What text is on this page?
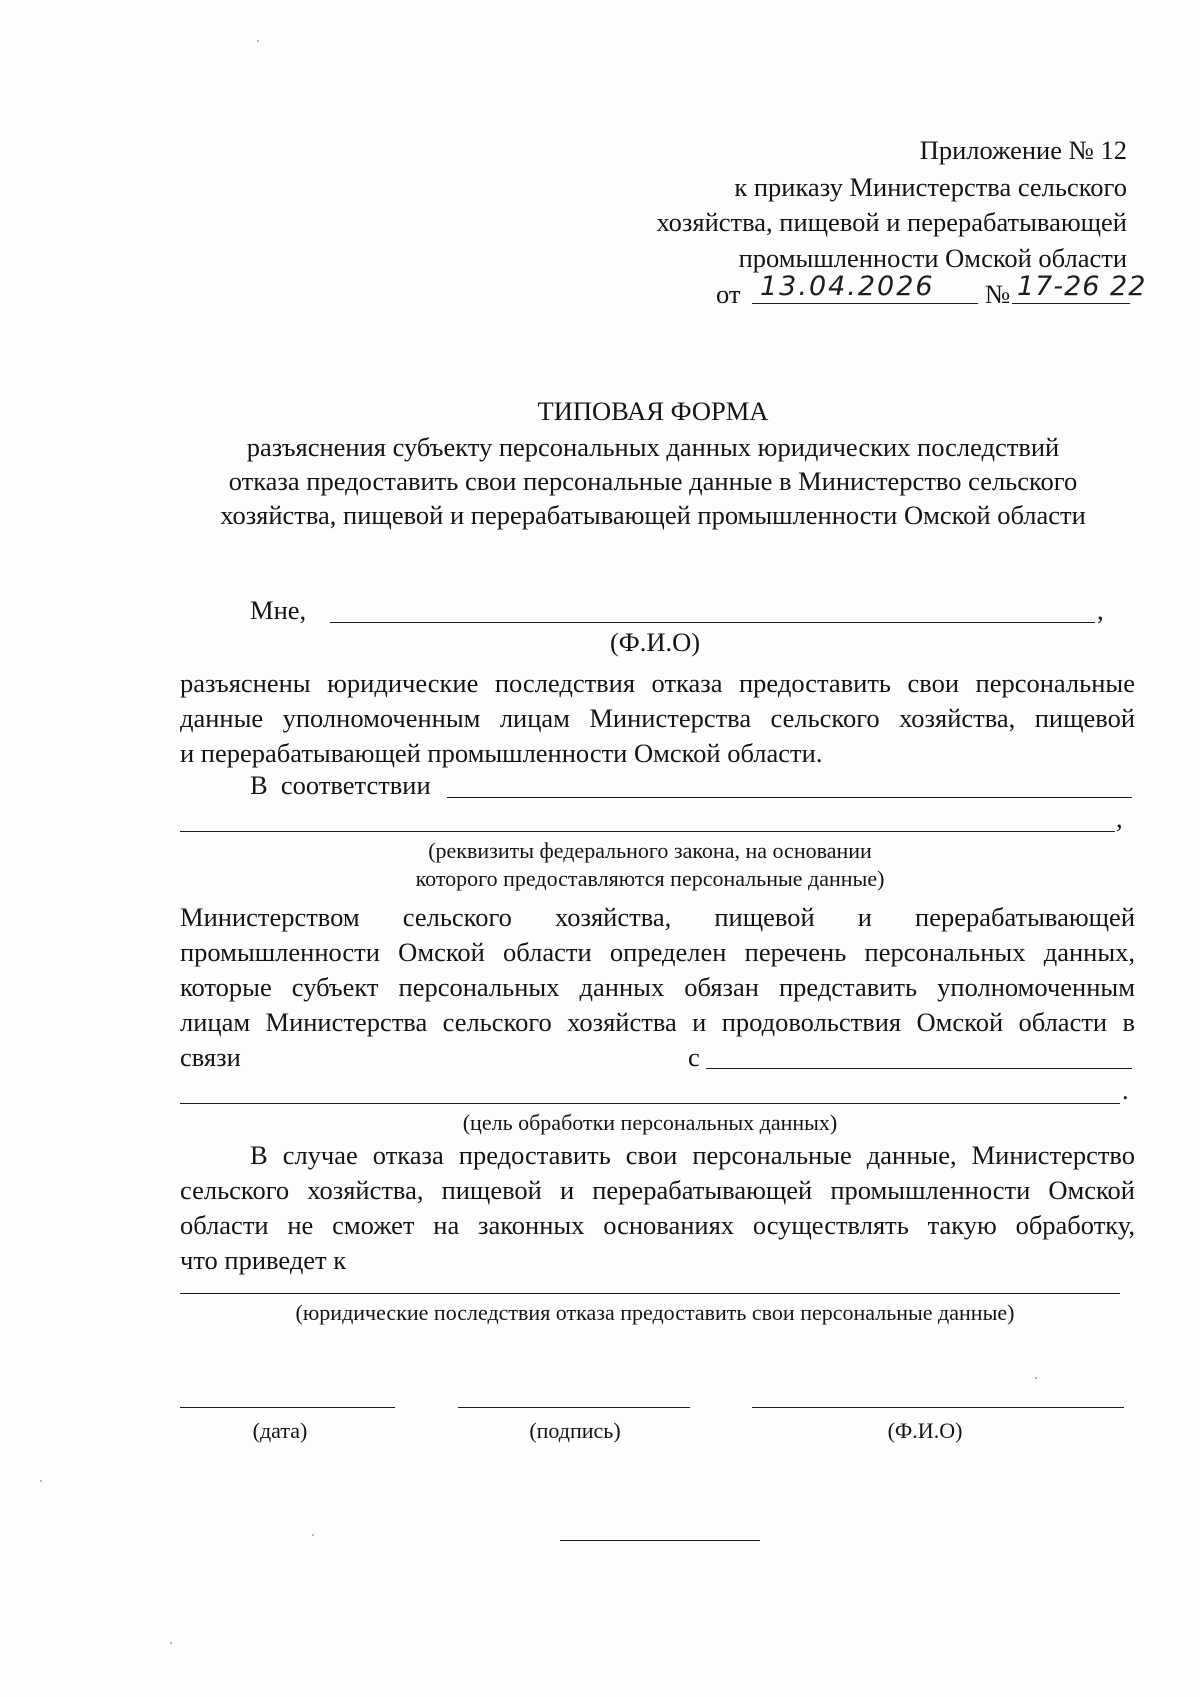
Приложение № 12
к приказу Министерства сельского
хозяйства, пищевой и перерабатывающей
промышленности Омской области
от 13.04.2026 № 17-26 22
ТИПОВАЯ ФОРМА
разъяснения субъекту персональных данных юридических последствий
отказа предоставить свои персональные данные в Министерство сельского
хозяйства, пищевой и перерабатывающей промышленности Омской области
Мне,	,
(Ф.И.О)
разъяснены юридические последствия отказа предоставить свои персональные
данные уполномоченным лицам Министерства сельского хозяйства, пищевой
и перерабатывающей промышленности Омской области.
В  соответствии
,
(реквизиты федерального закона, на основании
которого предоставляются персональные данные)
Министерством сельского хозяйства, пищевой и перерабатывающей
промышленности Омской области определен перечень персональных данных,
которые субъект персональных данных обязан представить уполномоченным
лицам Министерства сельского хозяйства и продовольствия Омской области в
связи	с
.
(цель обработки персональных данных)
В случае отказа предоставить свои персональные данные, Министерство
сельского хозяйства, пищевой и перерабатывающей промышленности Омской
области не сможет на законных основаниях осуществлять такую обработку,
что приведет к
(юридические последствия отказа предоставить свои персональные данные)
(дата)	(подпись)	(Ф.И.О)
